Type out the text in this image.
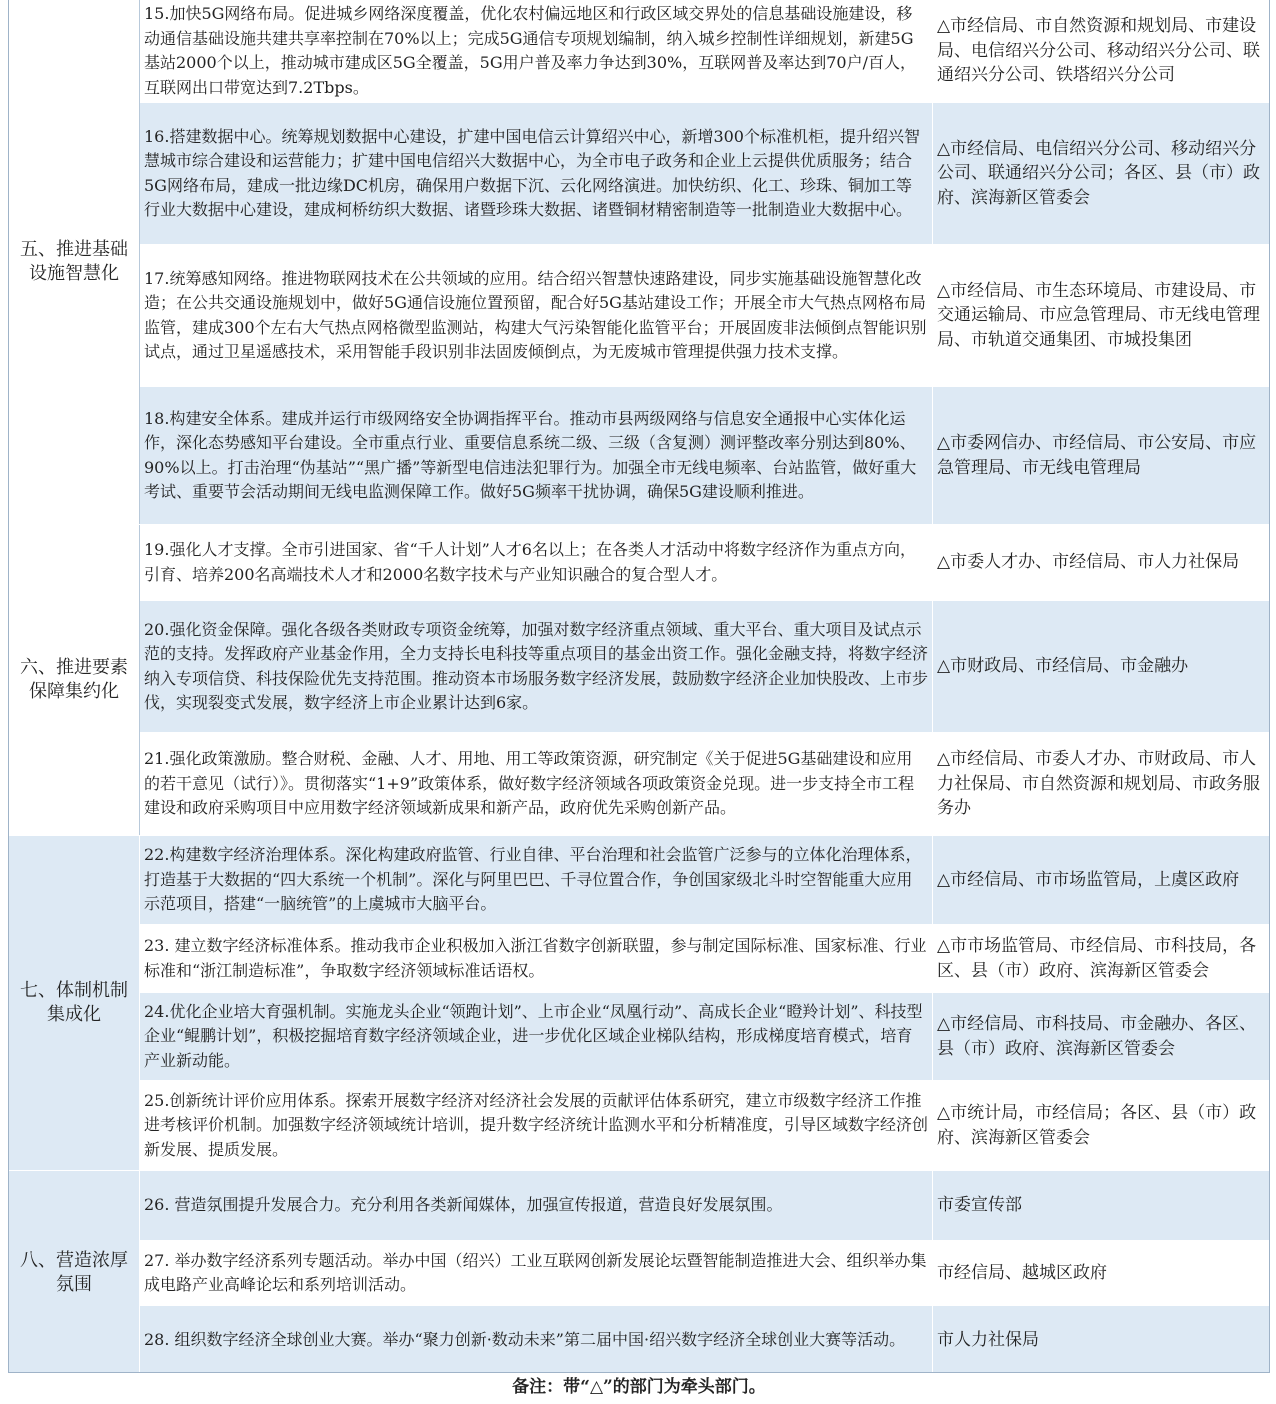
五、推进基础设施智慧化	15.加快5G网络布局。促进城乡网络深度覆盖，优化农村偏远地区和行政区域交界处的信息基础设施建设，移动通信基础设施共建共享率控制在70%以上；完成5G通信专项规划编制，纳入城乡控制性详细规划，新建5G基站2000个以上，推动城市建成区5G全覆盖，5G用户普及率力争达到30%，互联网普及率达到70户/百人，互联网出口带宽达到7.2Tbps。	△市经信局、市自然资源和规划局、市建设局、电信绍兴分公司、移动绍兴分公司、联通绍兴分公司、铁塔绍兴分公司
	16.搭建数据中心。统筹规划数据中心建设，扩建中国电信云计算绍兴中心，新增300个标准机柜，提升绍兴智慧城市综合建设和运营能力；扩建中国电信绍兴大数据中心，为全市电子政务和企业上云提供优质服务；结合5G网络布局，建成一批边缘DC机房，确保用户数据下沉、云化网络演进。加快纺织、化工、珍珠、铜加工等行业大数据中心建设，建成柯桥纺织大数据、诸暨珍珠大数据、诸暨铜材精密制造等一批制造业大数据中心。	△市经信局、电信绍兴分公司、移动绍兴分公司、联通绍兴分公司；各区、县（市）政府、滨海新区管委会
	17.统筹感知网络。推进物联网技术在公共领域的应用。结合绍兴智慧快速路建设，同步实施基础设施智慧化改造；在公共交通设施规划中，做好5G通信设施位置预留，配合好5G基站建设工作；开展全市大气热点网格布局监管，建成300个左右大气热点网格微型监测站，构建大气污染智能化监管平台；开展固废非法倾倒点智能识别试点，通过卫星遥感技术，采用智能手段识别非法固废倾倒点，为无废城市管理提供强力技术支撑。	△市经信局、市生态环境局、市建设局、市交通运输局、市应急管理局、市无线电管理局、市轨道交通集团、市城投集团
	18.构建安全体系。建成并运行市级网络安全协调指挥平台。推动市县两级网络与信息安全通报中心实体化运作，深化态势感知平台建设。全市重点行业、重要信息系统二级、三级（含复测）测评整改率分别达到80%、90%以上。打击治理“伪基站”“黑广播”等新型电信违法犯罪行为。加强全市无线电频率、台站监管，做好重大考试、重要节会活动期间无线电监测保障工作。做好5G频率干扰协调，确保5G建设顺利推进。	△市委网信办、市经信局、市公安局、市应急管理局、市无线电管理局
六、推进要素保障集约化	19.强化人才支撑。全市引进国家、省“千人计划”人才6名以上；在各类人才活动中将数字经济作为重点方向，引育、培养200名高端技术人才和2000名数字技术与产业知识融合的复合型人才。	△市委人才办、市经信局、市人力社保局
	20.强化资金保障。强化各级各类财政专项资金统筹，加强对数字经济重点领域、重大平台、重大项目及试点示范的支持。发挥政府产业基金作用，全力支持长电科技等重点项目的基金出资工作。强化金融支持，将数字经济纳入专项信贷、科技保险优先支持范围。推动资本市场服务数字经济发展，鼓励数字经济企业加快股改、上市步伐，实现裂变式发展，数字经济上市企业累计达到6家。	△市财政局、市经信局、市金融办
	21.强化政策激励。整合财税、金融、人才、用地、用工等政策资源，研究制定《关于促进5G基础建设和应用的若干意见（试行）》。贯彻落实“1+9”政策体系，做好数字经济领域各项政策资金兑现。进一步支持全市工程建设和政府采购项目中应用数字经济领域新成果和新产品，政府优先采购创新产品。	△市经信局、市委人才办、市财政局、市人力社保局、市自然资源和规划局、市政务服务办
七、体制机制集成化	22.构建数字经济治理体系。深化构建政府监管、行业自律、平台治理和社会监管广泛参与的立体化治理体系，打造基于大数据的“四大系统一个机制”。深化与阿里巴巴、千寻位置合作，争创国家级北斗时空智能重大应用示范项目，搭建“一脑统管”的上虞城市大脑平台。	△市经信局、市市场监管局，上虞区政府
	23. 建立数字经济标准体系。推动我市企业积极加入浙江省数字创新联盟，参与制定国际标准、国家标准、行业标准和“浙江制造标准”，争取数字经济领域标准话语权。	△市市场监管局、市经信局、市科技局，各区、县（市）政府、滨海新区管委会
	24.优化企业培大育强机制。实施龙头企业“领跑计划”、上市企业“凤凰行动”、高成长企业“瞪羚计划”、科技型企业“鲲鹏计划”，积极挖掘培育数字经济领域企业，进一步优化区域企业梯队结构，形成梯度培育模式，培育产业新动能。	△市经信局、市科技局、市金融办、各区、县（市）政府、滨海新区管委会
	25.创新统计评价应用体系。探索开展数字经济对经济社会发展的贡献评估体系研究，建立市级数字经济工作推进考核评价机制。加强数字经济领域统计培训，提升数字经济统计监测水平和分析精准度，引导区域数字经济创新发展、提质发展。	△市统计局，市经信局；各区、县（市）政府、滨海新区管委会
八、营造浓厚氛围	26. 营造氛围提升发展合力。充分利用各类新闻媒体，加强宣传报道，营造良好发展氛围。	市委宣传部
	27. 举办数字经济系列专题活动。举办中国（绍兴）工业互联网创新发展论坛暨智能制造推进大会、组织举办集成电路产业高峰论坛和系列培训活动。	市经信局、越城区政府
	28. 组织数字经济全球创业大赛。举办“聚力创新·数动未来”第二届中国·绍兴数字经济全球创业大赛等活动。	市人力社保局
备注：带“△”的部门为牵头部门。
